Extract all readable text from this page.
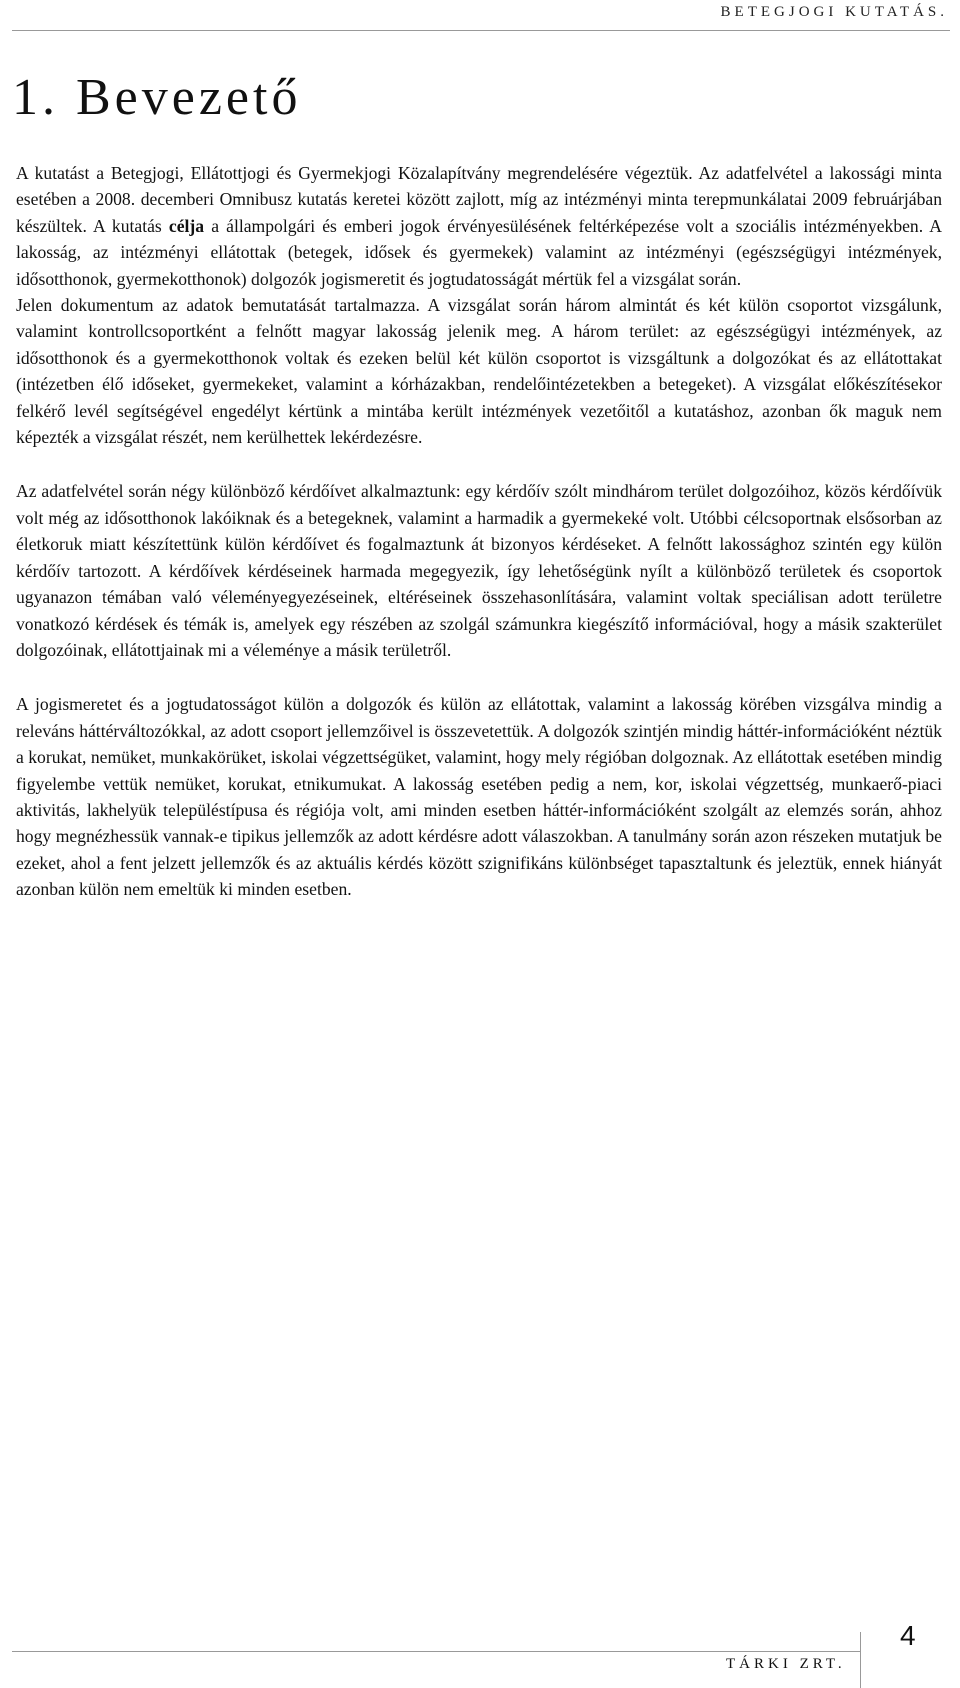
BETEGJOGI KUTATÁS.
1. Bevezető

A kutatást a Betegjogi, Ellátottjogi és Gyermekjogi Közalapítvány megrendelésére végeztük. Az adatfelvétel a lakossági minta esetében a 2008. decemberi Omnibusz kutatás keretei között zajlott, míg az intézményi minta terepmunkálatai 2009 februárjában készültek. A kutatás célja a állampolgári és emberi jogok érvényesülésének feltérképezése volt a szociális intézményekben. A lakosság, az intézményi ellátottak (betegek, idősek és gyermekek) valamint az intézményi (egészségügyi intézmények, idősotthonok, gyermekotthonok) dolgozók jogismeretit és jogtudatosságát mértük fel a vizsgálat során.

Jelen dokumentum az adatok bemutatását tartalmazza. A vizsgálat során három almintát és két külön csoportot vizsgálunk, valamint kontrollcsoportként a felnőtt magyar lakosság jelenik meg. A három terület: az egészségügyi intézmények, az idősotthonok és a gyermekotthonok voltak és ezeken belül két külön csoportot is vizsgáltunk a dolgozókat és az ellátottakat (intézetben élő időseket, gyermekeket, valamint a kórházakban, rendelőintézetekben a betegeket). A vizsgálat előkészítésekor felkérő levél segítségével engedélyt kértünk a mintába került intézmények vezetőitől a kutatáshoz, azonban ők maguk nem képezték a vizsgálat részét, nem kerülhettek lekérdezésre.

Az adatfelvétel során négy különböző kérdőívet alkalmaztunk: egy kérdőív szólt mindhárom terület dolgozóihoz, közös kérdőívük volt még az idősotthonok lakóiknak és a betegeknek, valamint a harmadik a gyermekeké volt. Utóbbi célcsoportnak elsősorban az életkoruk miatt készítettünk külön kérdőívet és fogalmaztunk át bizonyos kérdéseket. A felnőtt lakossághoz szintén egy külön kérdőív tartozott. A kérdőívek kérdéseinek harmada megegyezik, így lehetőségünk nyílt a különböző területek és csoportok ugyanazon témában való véleményegyezéseinek, eltéréseinek összehasonlítására, valamint voltak speciálisan adott területre vonatkozó kérdések és témák is, amelyek egy részében az szolgál számunkra kiegészítő információval, hogy a másik szakterület dolgozóinak, ellátottjainak mi a véleménye a másik területről.

A jogismeretet és a jogtudatosságot külön a dolgozók és külön az ellátottak, valamint a lakosság körében vizsgálva mindig a releváns háttérváltozókkal, az adott csoport jellemzőivel is összevetettük. A dolgozók szintjén mindig háttér-információként néztük a korukat, nemüket, munkakörüket, iskolai végzettségüket, valamint, hogy mely régióban dolgoznak. Az ellátottak esetében mindig figyelembe vettük nemüket, korukat, etnikumukat. A lakosság esetében pedig a nem, kor, iskolai végzettség, munkaerő-piaci aktivitás, lakhelyük településtípusa és régiója volt, ami minden esetben háttér-információként szolgált az elemzés során, ahhoz hogy megnézhessük vannak-e tipikus jellemzők az adott kérdésre adott válaszokban. A tanulmány során azon részeken mutatjuk be ezeket, ahol a fent jelzett jellemzők és az aktuális kérdés között szignifikáns különbséget tapasztaltunk és jeleztük, ennek hiányát azonban külön nem emeltük ki minden esetben.

TÁRKI ZRT.
4
